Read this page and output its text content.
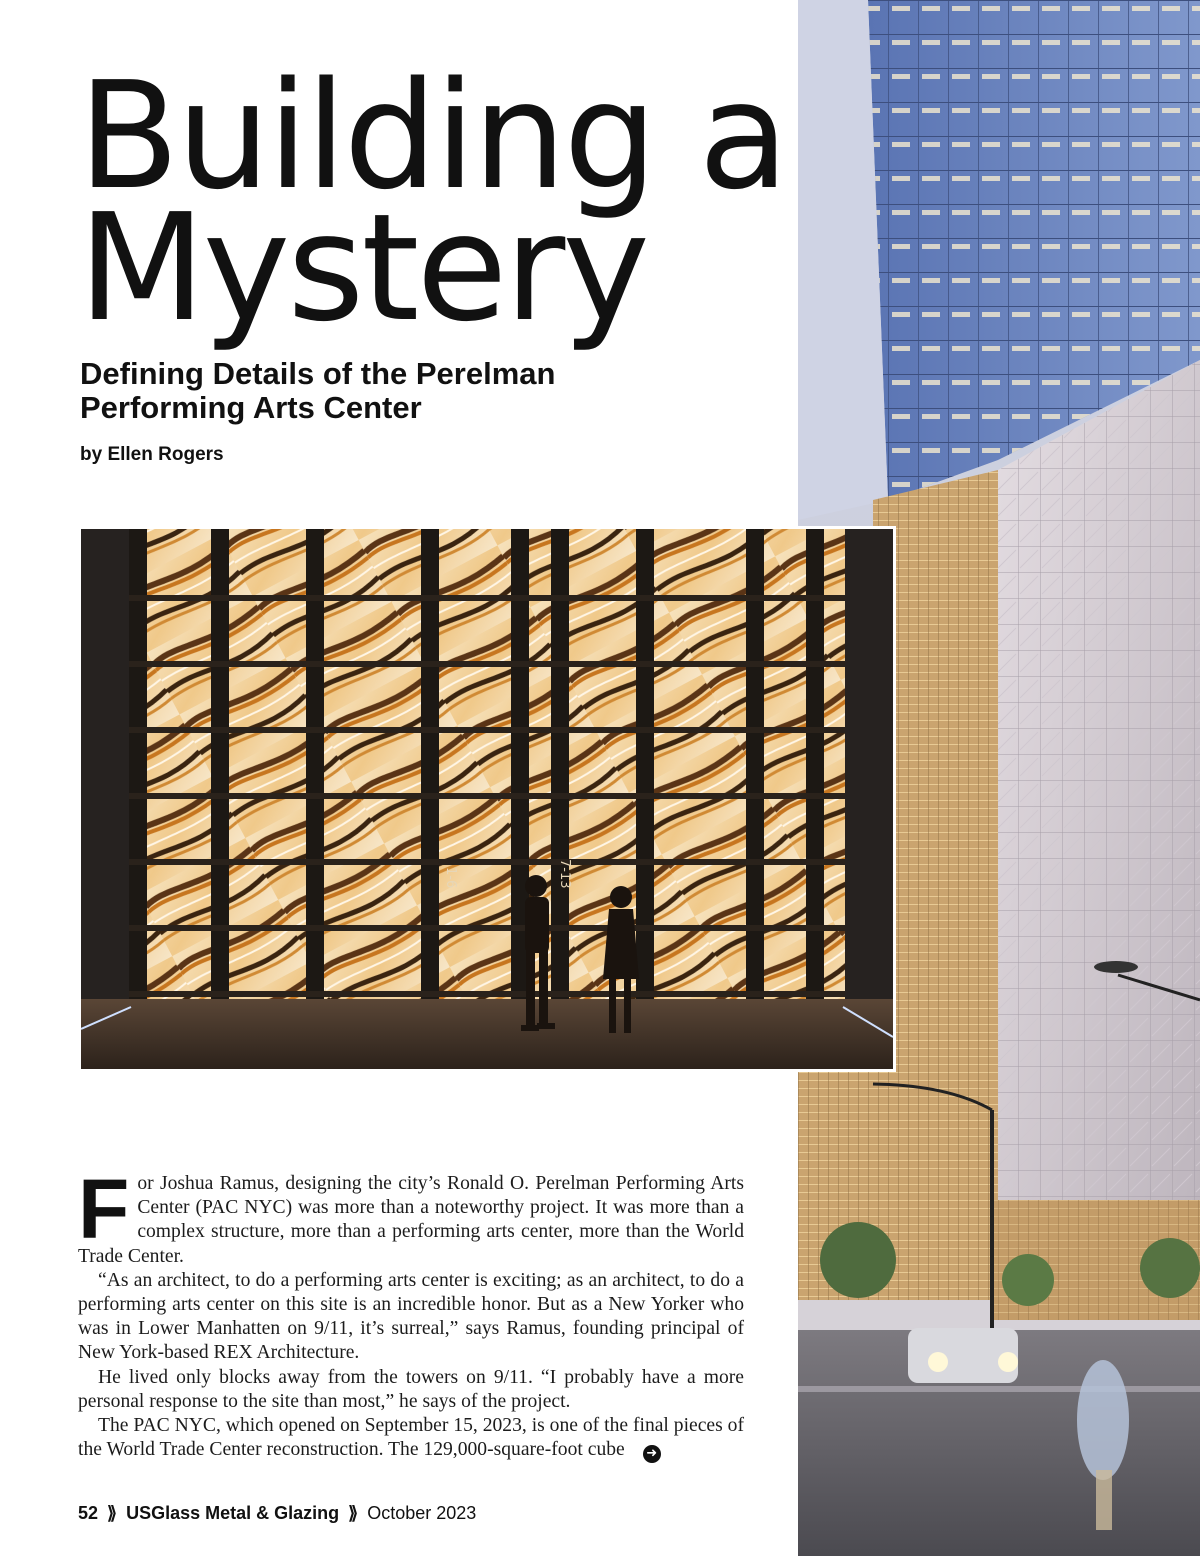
Building a
Mystery
Defining Details of the Perelman
Performing Arts Center
by Ellen Rogers
1-6	7-13

For Joshua Ramus, designing the city’s Ronald O. Perelman Performing Arts Center (PAC NYC) was more than a noteworthy project. It was more than a complex structure, more than a performing arts center, more than the World Trade Center.

“As an architect, to do a performing arts center is exciting; as an architect, to do a performing arts center on this site is an incredible honor. But as a New Yorker who was in Lower Manhatten on 9/11, it’s surreal,” says Ramus, founding principal of New York-based REX Architecture.

He lived only blocks away from the towers on 9/11. “I probably have a more personal response to the site than most,” he says of the project.

The PAC NYC, which opened on September 15, 2023, is one of the final pieces of the World Trade Center reconstruction. The 129,000-square-foot cube ➜

52 ⟫ USGlass Metal & Glazing ⟫ October 2023
